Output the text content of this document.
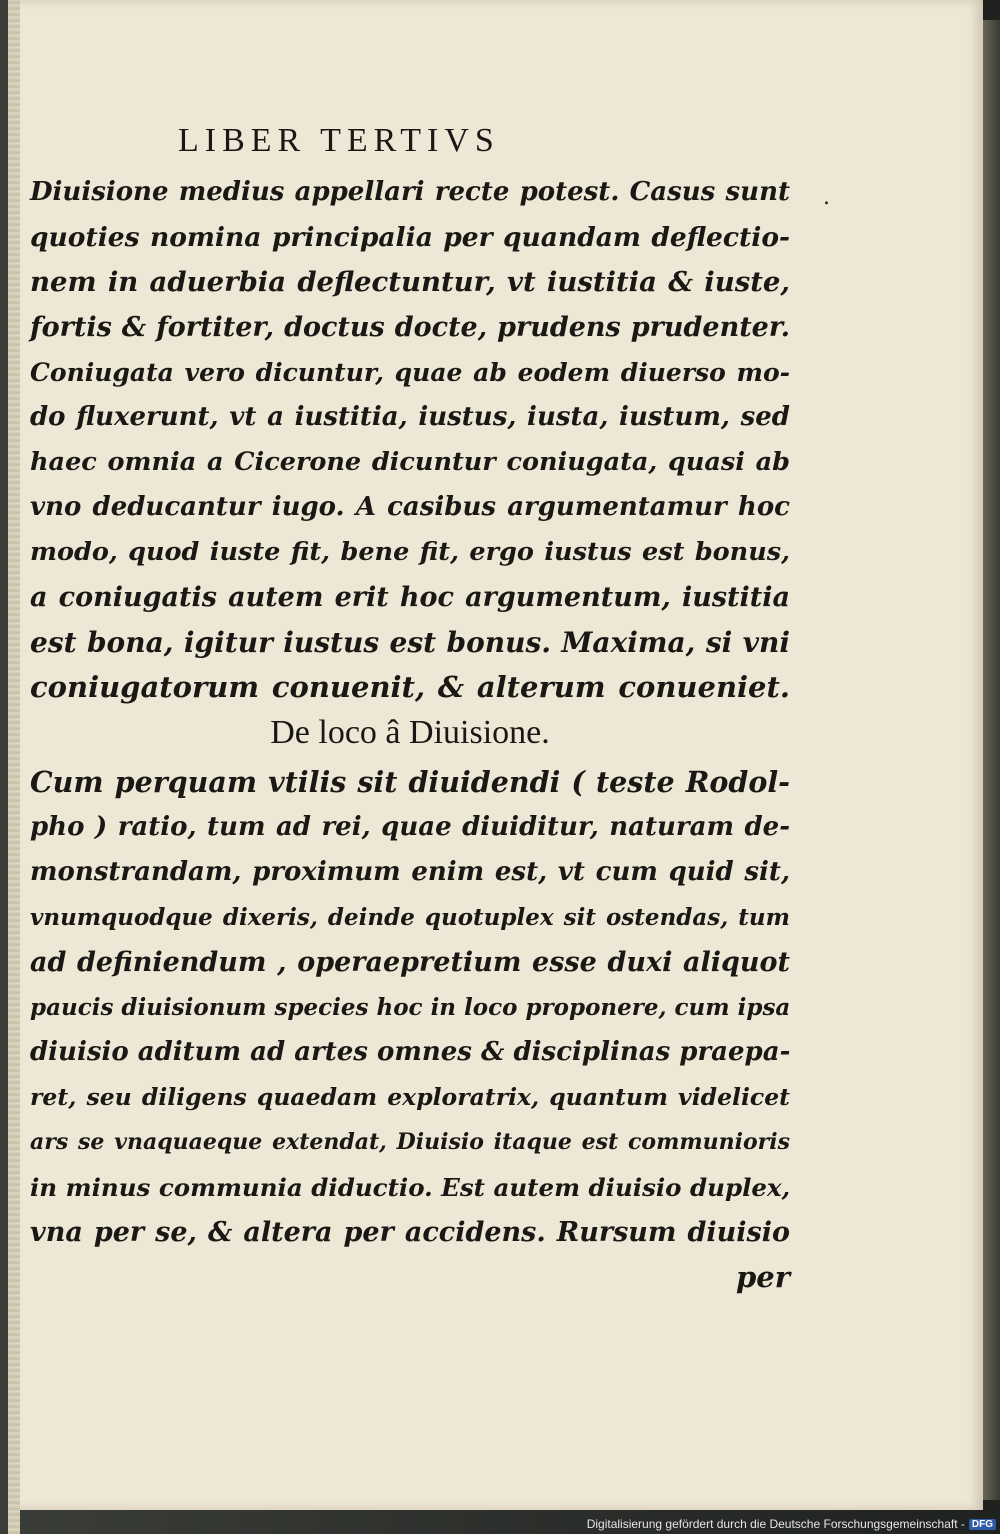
LIBER TERTIVS
.
Diuisione medius appellari recte potest. Casus sunt
quoties nomina principalia per quandam deflectio-
nem in aduerbia deflectuntur, vt iustitia & iuste,
fortis & fortiter, doctus docte, prudens prudenter.
Coniugata vero dicuntur, quae ab eodem diuerso mo-
do fluxerunt, vt a iustitia, iustus, iusta, iustum, sed
haec omnia a Cicerone dicuntur coniugata, quasi ab
vno deducantur iugo. A casibus argumentamur hoc
modo, quod iuste fit, bene fit, ergo iustus est bonus,
a coniugatis autem erit hoc argumentum, iustitia
est bona, igitur iustus est bonus. Maxima, si vni
coniugatorum conuenit, & alterum conueniet.
De loco â Diuisione.
Cum perquam vtilis sit diuidendi ( teste Rodol-
pho ) ratio, tum ad rei, quae diuiditur, naturam de-
monstrandam, proximum enim est, vt cum quid sit,
vnumquodque dixeris, deinde quotuplex sit ostendas, tum
ad definiendum , operaepretium esse duxi aliquot
paucis diuisionum species hoc in loco proponere, cum ipsa
diuisio aditum ad artes omnes & disciplinas praepa-
ret, seu diligens quaedam exploratrix, quantum videlicet
ars se vnaquaeque extendat, Diuisio itaque est communioris
in minus communia diductio. Est autem diuisio duplex,
vna per se, & altera per accidens. Rursum diuisio
per
Digitalisierung gefördert durch die Deutsche Forschungsgemeinschaft - DFG
